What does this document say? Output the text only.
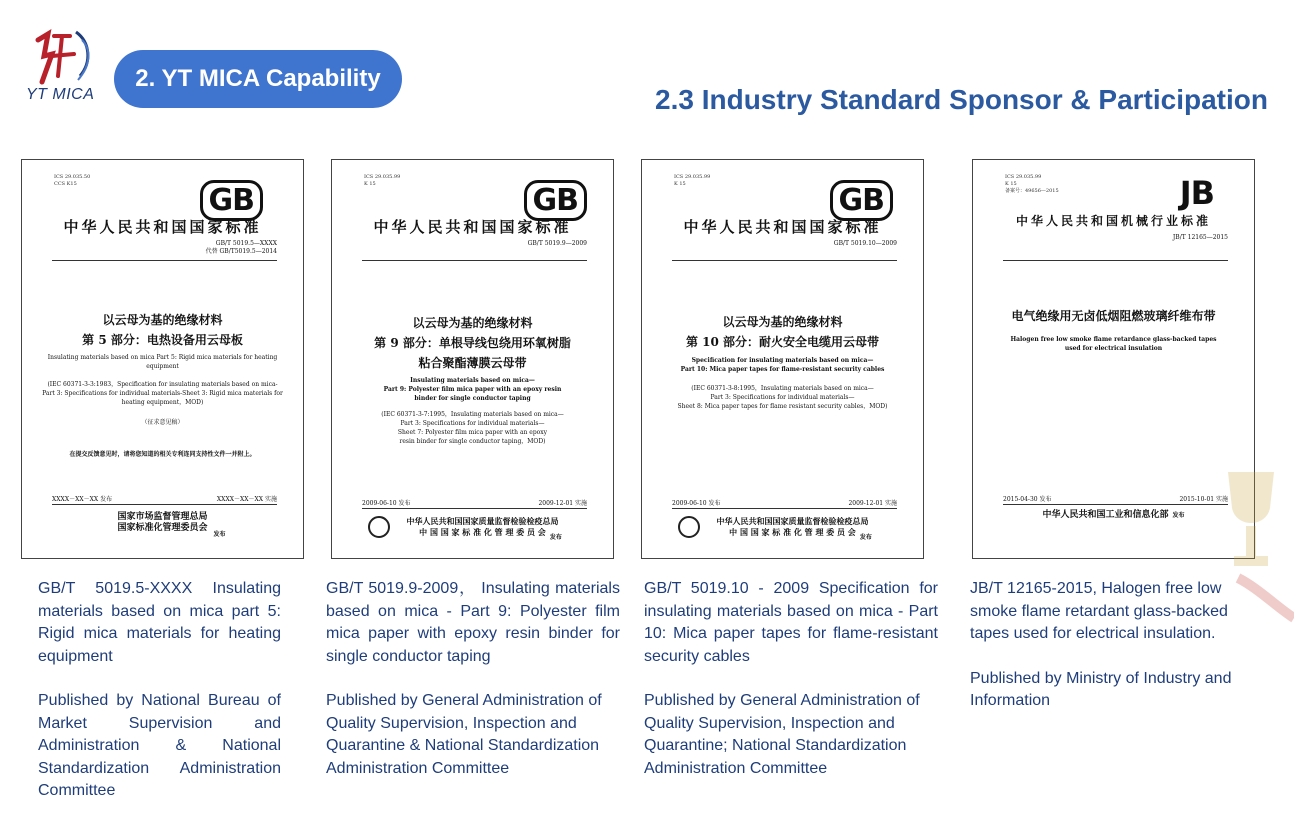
YT MICA
2. YT MICA Capability
2.3 Industry Standard Sponsor & Participation
ICS 29.035.50
CCS K15	GB
中华人民共和国国家标准
GB/T 5019.5—XXXX
代替 GB/T5019.5—2014
以云母为基的绝缘材料
第 5 部分：电热设备用云母板
Insulating materials based on mica Part 5: Rigid mica materials for heating equipment
(IEC 60371-3-3:1983，Specification for insulating materials based on mica- Part 3: Specifications for individual materials-Sheet 3: Rigid mica materials for heating equipment，MOD)
（征求意见稿）
在提交反馈意见时，请将您知道的相关专利连同支持性文件一并附上。
XXXX－XX－XX 发布	XXXX－XX－XX 实施
国家市场监督管理总局
国家标准化管理委员会
发布
ICS 29.035.99
K 15	GB
中华人民共和国国家标准
GB/T 5019.9—2009
以云母为基的绝缘材料
第 9 部分：单根导线包绕用环氧树脂
粘合聚酯薄膜云母带
Insulating materials based on mica—
Part 9: Polyester film mica paper with an epoxy resin
binder for single conductor taping
(IEC 60371-3-7:1995，Insulating materials based on mica—
Part 3: Specifications for individual materials—
Sheet 7: Polyester film mica paper with an epoxy
resin binder for single conductor taping，MOD)
2009-06-10 发布	2009-12-01 实施
中华人民共和国国家质量监督检验检疫总局
中 国 国 家 标 准 化 管 理 委 员 会
发布
ICS 29.035.99
K 15	GB
中华人民共和国国家标准
GB/T 5019.10—2009
以云母为基的绝缘材料
第 10 部分：耐火安全电缆用云母带
Specification for insulating materials based on mica—
Part 10: Mica paper tapes for flame-resistant security cables
(IEC 60371-3-8:1995，Insulating materials based on mica—
Part 3: Specifications for individual materials—
Sheet 8: Mica paper tapes for flame resistant security cables，MOD)
2009-06-10 发布	2009-12-01 实施
中华人民共和国国家质量监督检验检疫总局
中 国 国 家 标 准 化 管 理 委 员 会
发布
ICS 29.035.99
K 15
备案号：49656—2015	JB
中华人民共和国机械行业标准
JB/T 12165—2015
电气绝缘用无卤低烟阻燃玻璃纤维布带
Halogen free low smoke flame retardance glass-backed tapes
used for electrical insulation
2015-04-30 发布	2015-10-01 实施
中华人民共和国工业和信息化部 发布

GB/T 5019.5-XXXX Insulating materials based on mica part 5: Rigid mica materials for heating equipment

Published by National Bureau of Market Supervision and Administration & National Standardization Administration Committee

GB/T 5019.9-2009， Insulating materials based on mica - Part 9: Polyester film mica paper with epoxy resin binder for single conductor taping

Published by General Administration of Quality Supervision, Inspection and Quarantine & National Standardization Administration Committee

GB/T 5019.10 - 2009 Specification for insulating materials based on mica - Part 10: Mica paper tapes for flame-resistant security cables

Published by General Administration of Quality Supervision, Inspection and Quarantine; National Standardization Administration Committee

JB/T 12165-2015, Halogen free low smoke flame retardant glass-backed tapes used for electrical insulation.

Published by Ministry of Industry and Information
